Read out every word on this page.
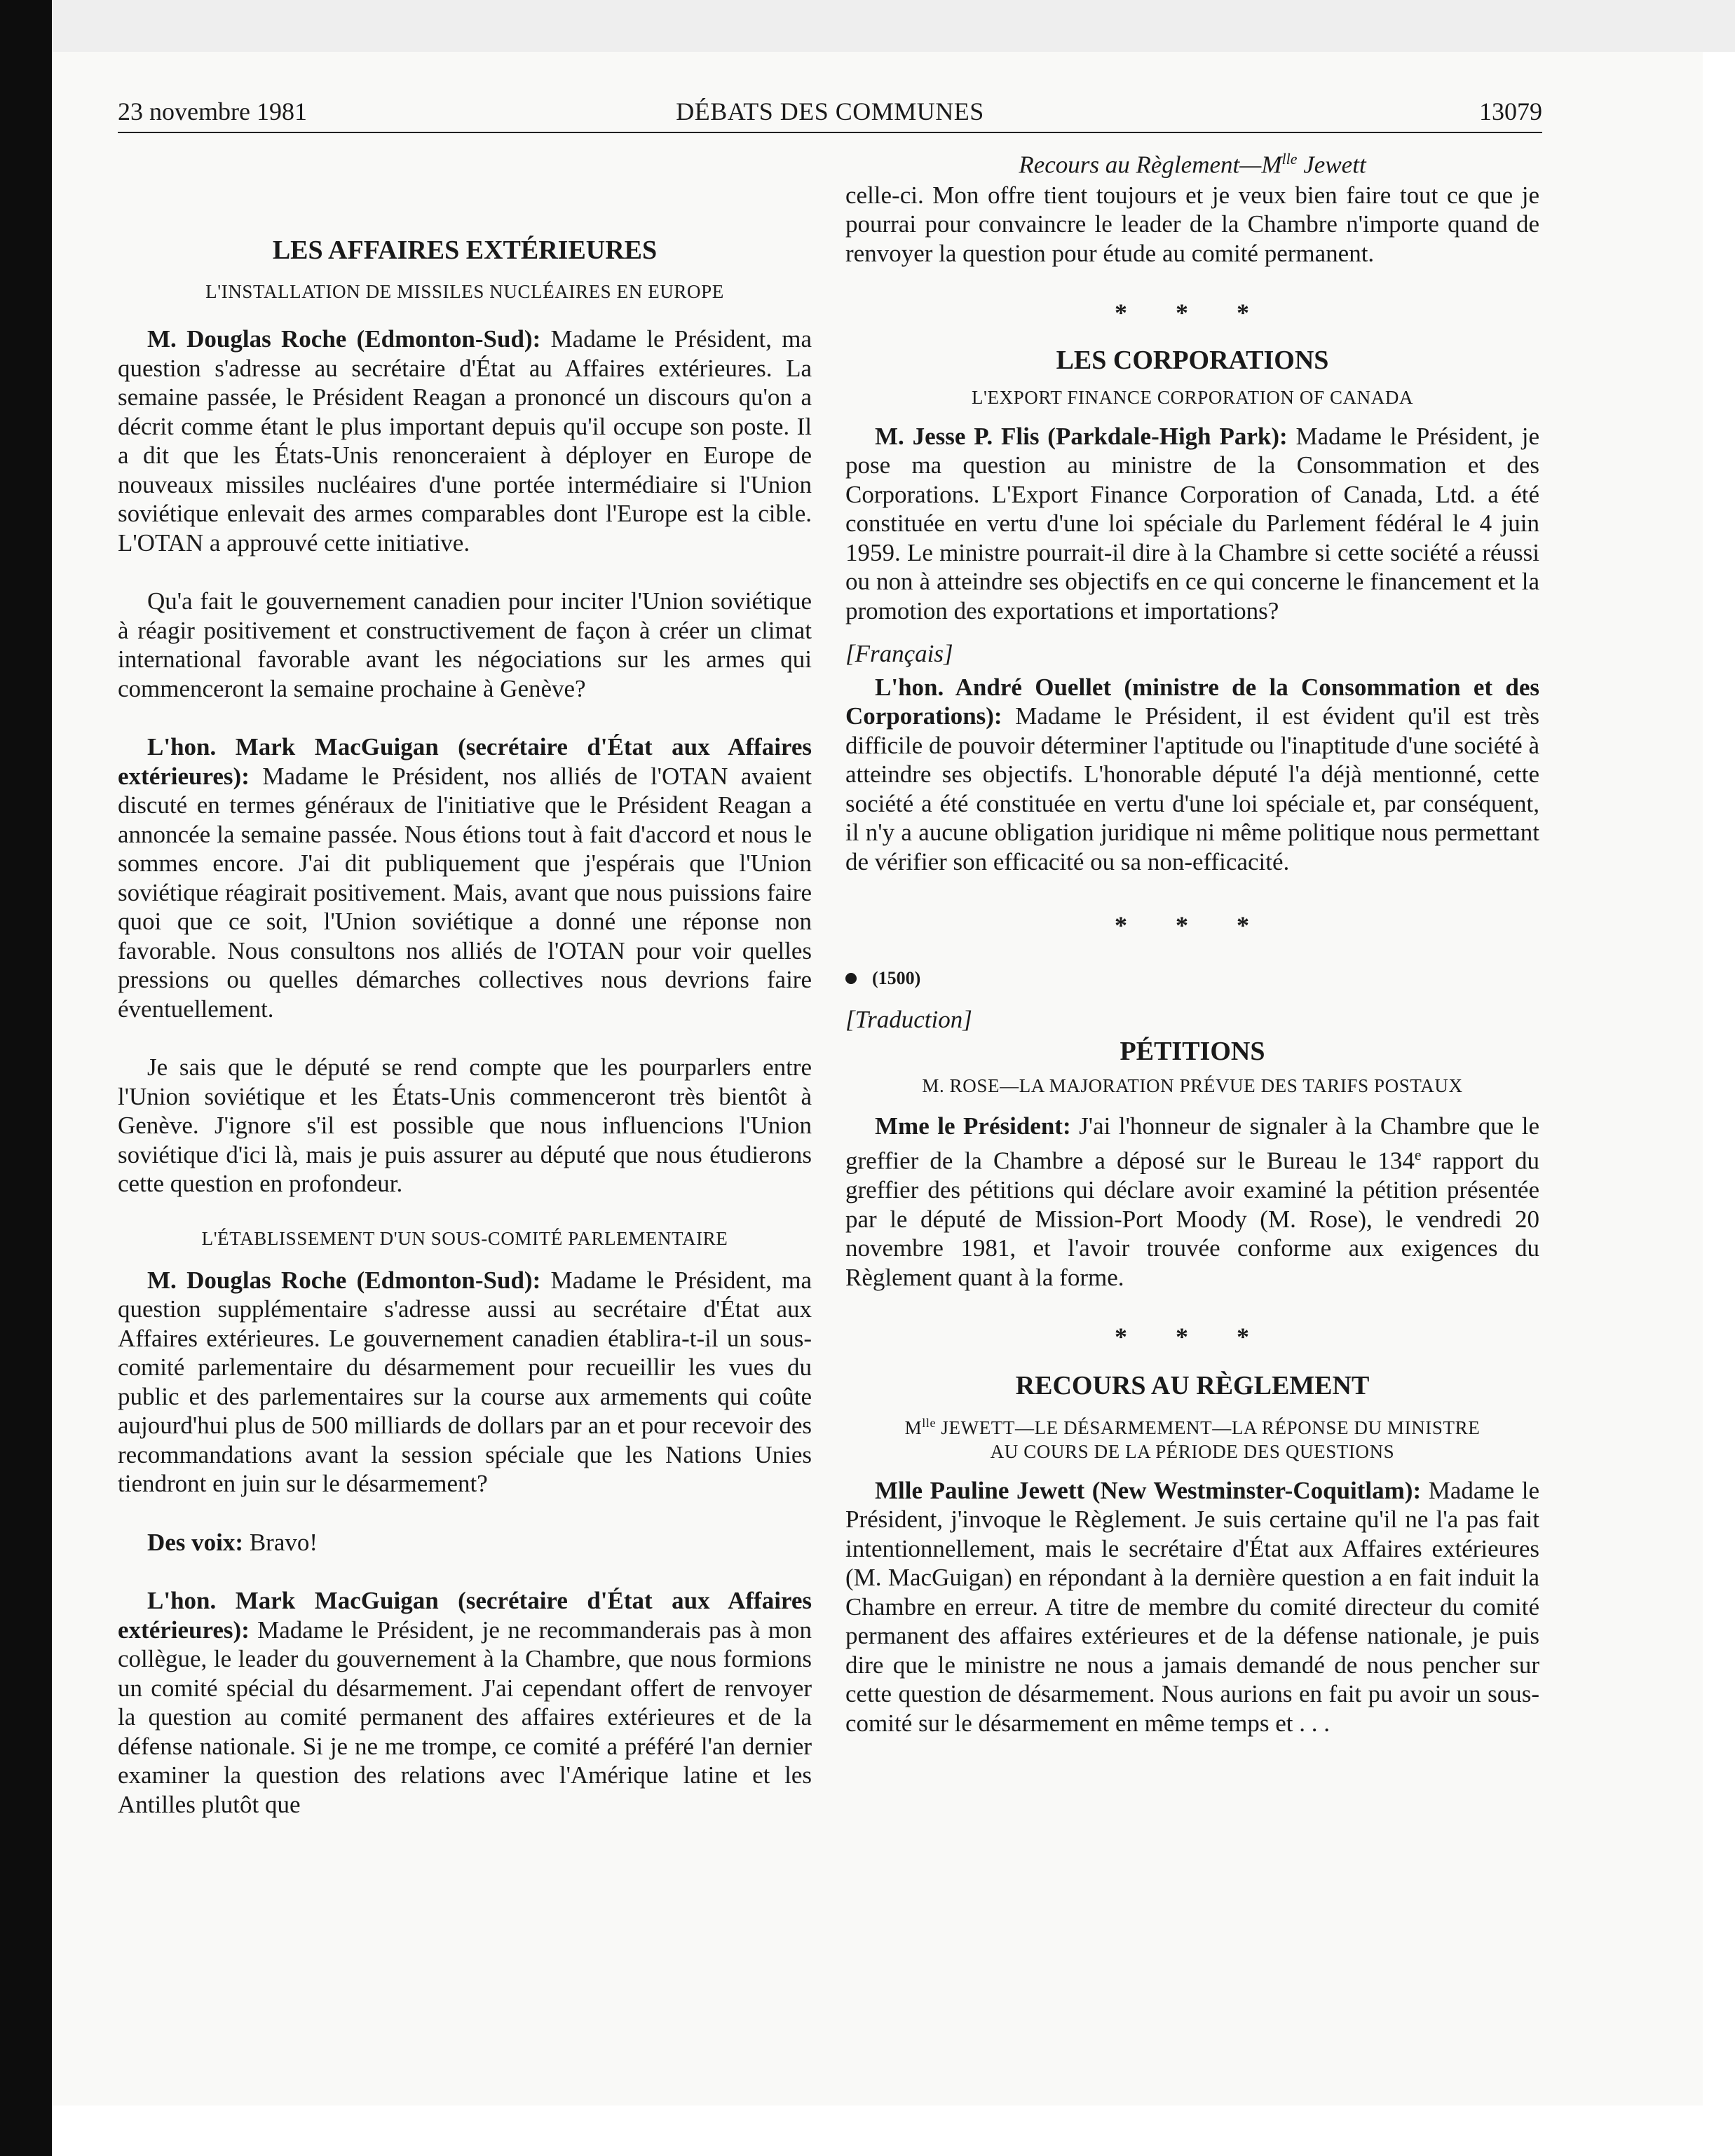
23 novembre 1981	DÉBATS DES COMMUNES	13079
LES AFFAIRES EXTÉRIEURES
L'INSTALLATION DE MISSILES NUCLÉAIRES EN EUROPE

M. Douglas Roche (Edmonton-Sud): Madame le Président, ma question s'adresse au secrétaire d'État au Affaires extérieures. La semaine passée, le Président Reagan a prononcé un discours qu'on a décrit comme étant le plus important depuis qu'il occupe son poste. Il a dit que les États-Unis renonceraient à déployer en Europe de nouveaux missiles nucléaires d'une portée intermédiaire si l'Union soviétique enlevait des armes comparables dont l'Europe est la cible. L'OTAN a approuvé cette initiative.

Qu'a fait le gouvernement canadien pour inciter l'Union soviétique à réagir positivement et constructivement de façon à créer un climat international favorable avant les négociations sur les armes qui commenceront la semaine prochaine à Genève?

L'hon. Mark MacGuigan (secrétaire d'État aux Affaires extérieures): Madame le Président, nos alliés de l'OTAN avaient discuté en termes généraux de l'initiative que le Président Reagan a annoncée la semaine passée. Nous étions tout à fait d'accord et nous le sommes encore. J'ai dit publiquement que j'espérais que l'Union soviétique réagirait positivement. Mais, avant que nous puissions faire quoi que ce soit, l'Union soviétique a donné une réponse non favorable. Nous consultons nos alliés de l'OTAN pour voir quelles pressions ou quelles démarches collectives nous devrions faire éventuellement.

Je sais que le député se rend compte que les pourparlers entre l'Union soviétique et les États-Unis commenceront très bientôt à Genève. J'ignore s'il est possible que nous influencions l'Union soviétique d'ici là, mais je puis assurer au député que nous étudierons cette question en profondeur.

L'ÉTABLISSEMENT D'UN SOUS-COMITÉ PARLEMENTAIRE

M. Douglas Roche (Edmonton-Sud): Madame le Président, ma question supplémentaire s'adresse aussi au secrétaire d'État aux Affaires extérieures. Le gouvernement canadien établira-t-il un sous-comité parlementaire du désarmement pour recueillir les vues du public et des parlementaires sur la course aux armements qui coûte aujourd'hui plus de 500 milliards de dollars par an et pour recevoir des recommandations avant la session spéciale que les Nations Unies tiendront en juin sur le désarmement?

Des voix: Bravo!

L'hon. Mark MacGuigan (secrétaire d'État aux Affaires extérieures): Madame le Président, je ne recommanderais pas à mon collègue, le leader du gouvernement à la Chambre, que nous formions un comité spécial du désarmement. J'ai cependant offert de renvoyer la question au comité permanent des affaires extérieures et de la défense nationale. Si je ne me trompe, ce comité a préféré l'an dernier examiner la question des relations avec l'Amérique latine et les Antilles plutôt que

Recours au $Règlement—M^{lle}$ Jewett

celle-ci. Mon offre tient toujours et je veux bien faire tout ce que je pourrai pour convaincre le leader de la Chambre n'importe quand de renvoyer la question pour étude au comité permanent.

* * *
LES CORPORATIONS
L'EXPORT FINANCE CORPORATION OF CANADA

M. Jesse P. Flis (Parkdale-High Park): Madame le Président, je pose ma question au ministre de la Consommation et des Corporations. L'Export Finance Corporation of Canada, Ltd. a été constituée en vertu d'une loi spéciale du Parlement fédéral le 4 juin 1959. Le ministre pourrait-il dire à la Chambre si cette société a réussi ou non à atteindre ses objectifs en ce qui concerne le financement et la promotion des exportations et importations?

[Français]

L'hon. André Ouellet (ministre de la Consommation et des Corporations): Madame le Président, il est évident qu'il est très difficile de pouvoir déterminer l'aptitude ou l'inaptitude d'une société à atteindre ses objectifs. L'honorable député l'a déjà mentionné, cette société a été constituée en vertu d'une loi spéciale et, par conséquent, il n'y a aucune obligation juridique ni même politique nous permettant de vérifier son efficacité ou sa non-efficacité.

* * *
(1500)
[Traduction]
PÉTITIONS
M. ROSE—LA MAJORATION PRÉVUE DES TARIFS POSTAUX

Mme le Président: J'ai l'honneur de signaler à la Chambre que le greffier de la Chambre a déposé sur le Bureau le 134e rapport du greffier des pétitions qui déclare avoir examiné la pétition présentée par le député de Mission-Port Moody (M. Rose), le vendredi 20 novembre 1981, et l'avoir trouvée conforme aux exigences du Règlement quant à la forme.

* * *
RECOURS AU RÈGLEMENT
$M^{lle}$ JEWETT—LE DÉSARMEMENT—LA RÉPONSE DU MINISTRE
AU COURS DE LA PÉRIODE DES QUESTIONS

Mlle Pauline Jewett (New Westminster-Coquitlam): Madame le Président, j'invoque le Règlement. Je suis certaine qu'il ne l'a pas fait intentionnellement, mais le secrétaire d'État aux Affaires extérieures (M. MacGuigan) en répondant à la dernière question a en fait induit la Chambre en erreur. A titre de membre du comité directeur du comité permanent des affaires extérieures et de la défense nationale, je puis dire que le ministre ne nous a jamais demandé de nous pencher sur cette question de désarmement. Nous aurions en fait pu avoir un sous-comité sur le désarmement en même temps et . . .
